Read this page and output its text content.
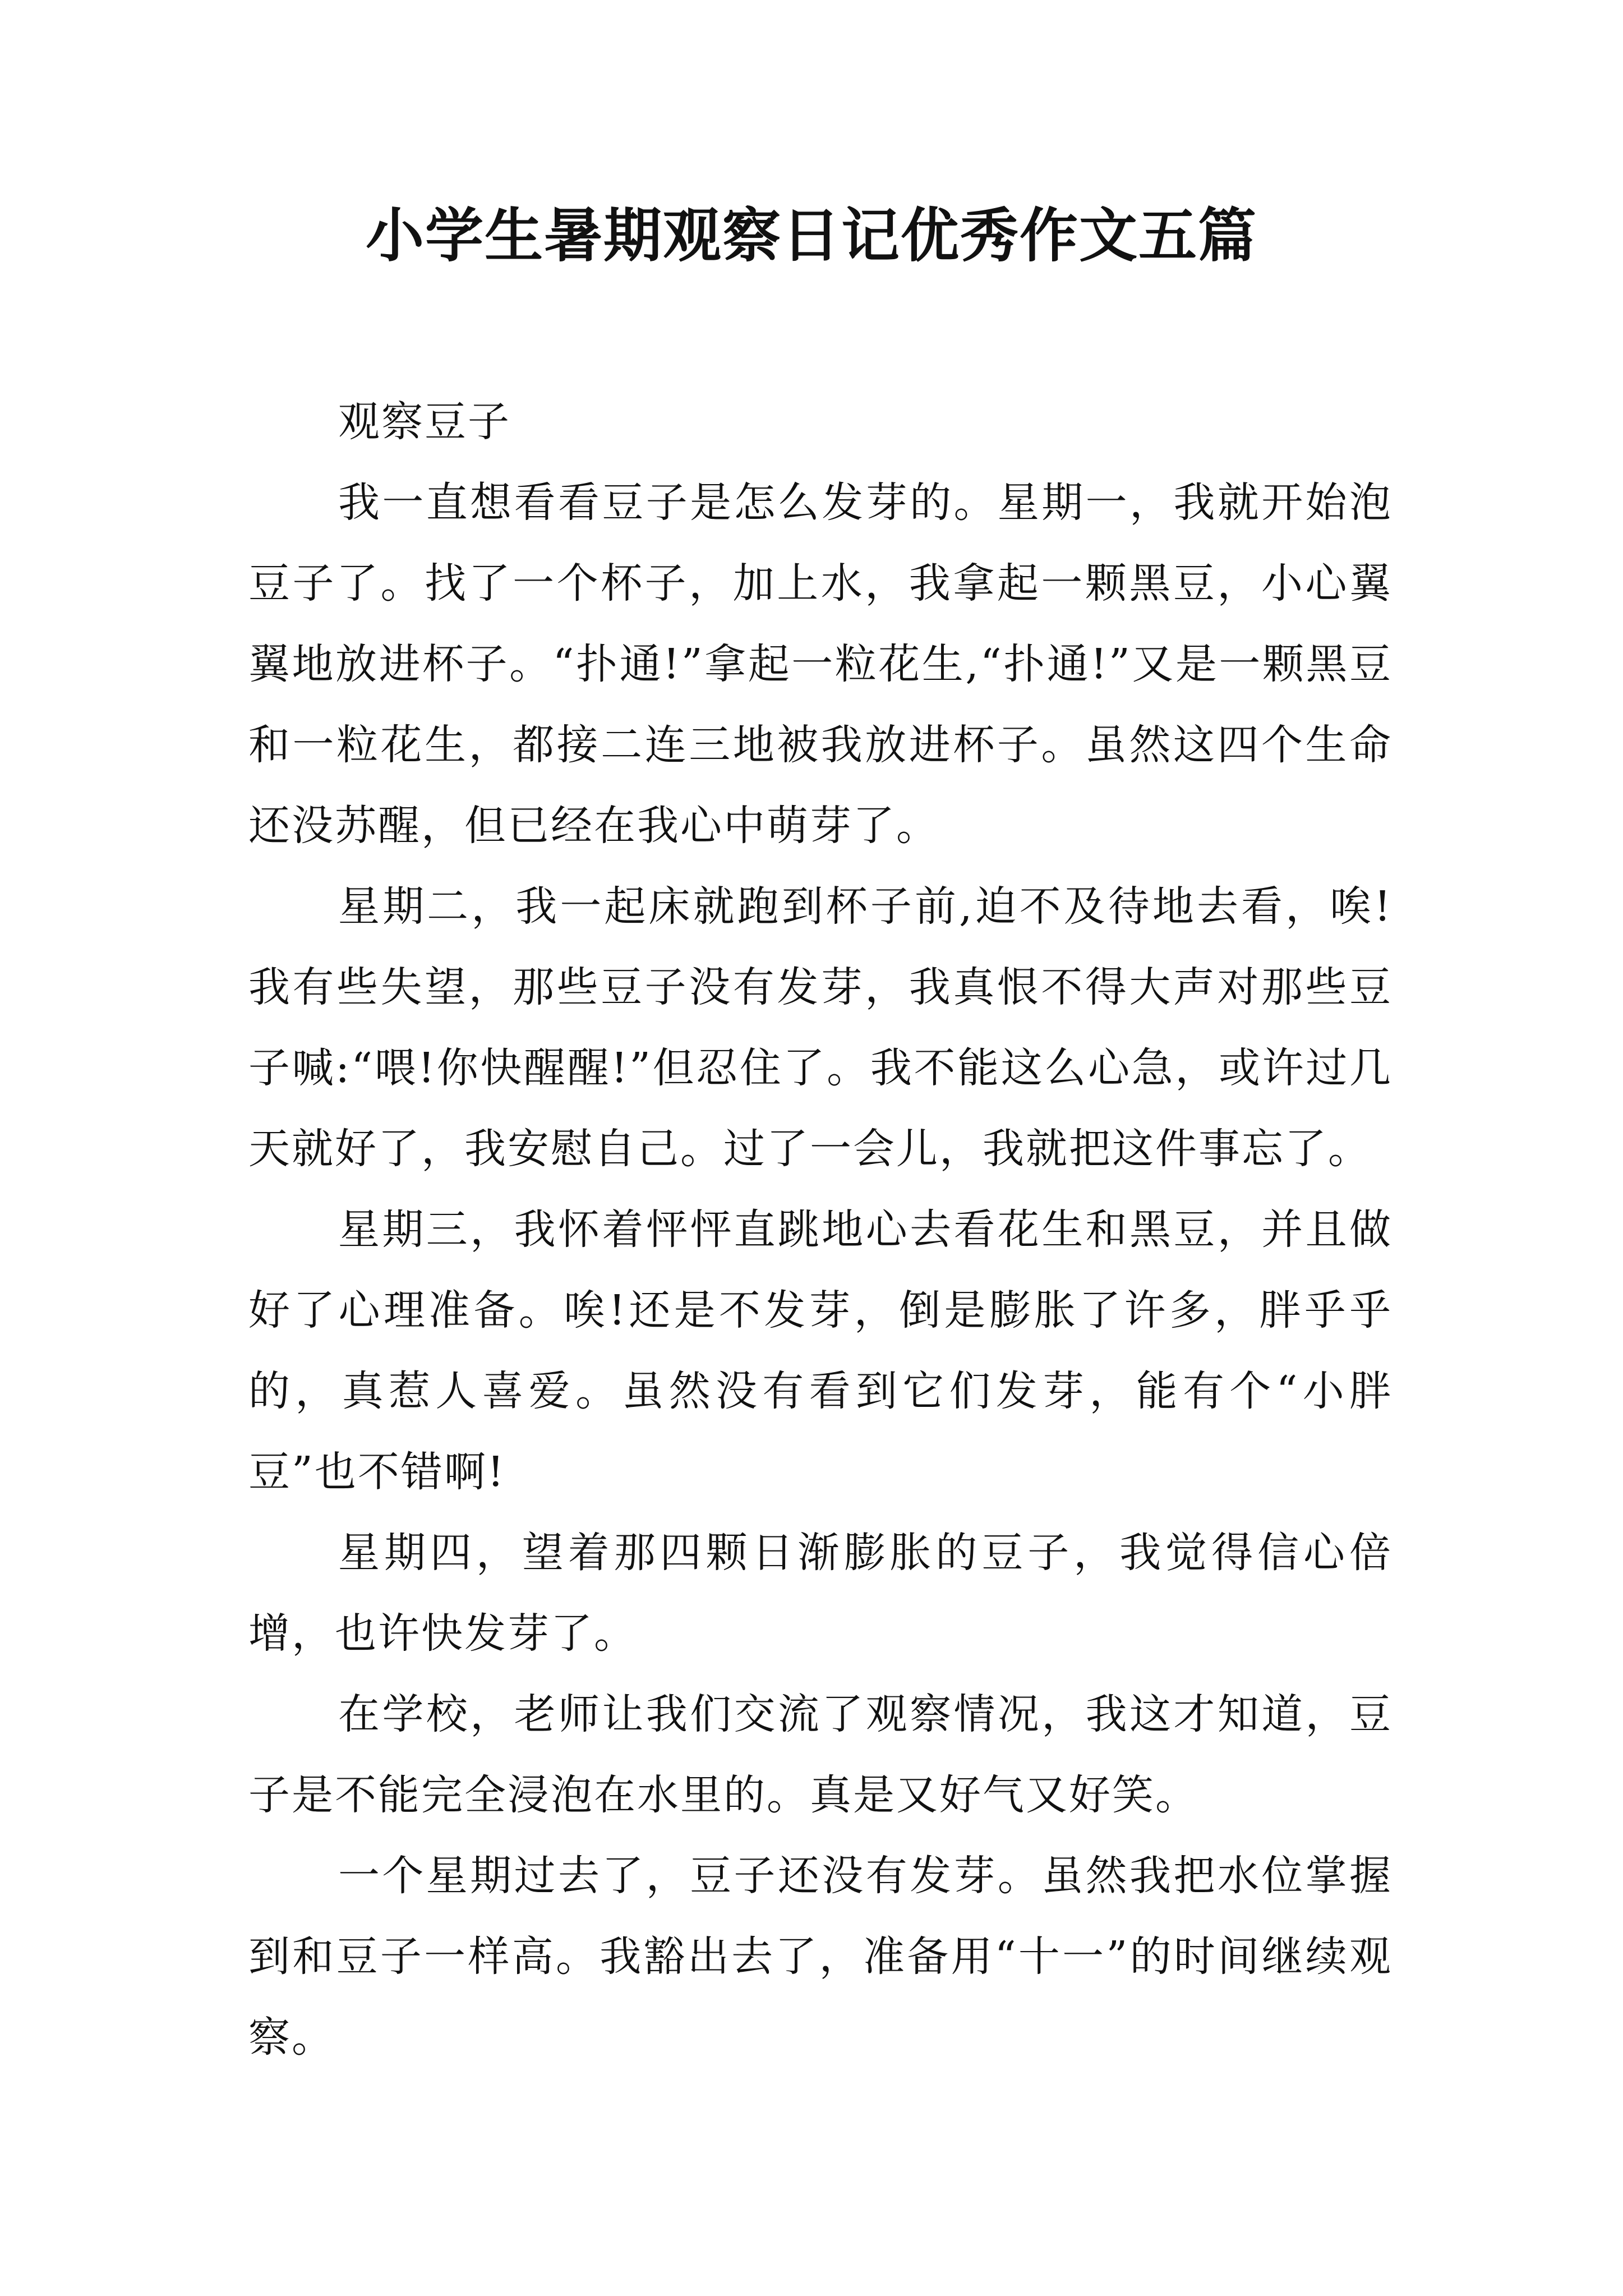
小学生暑期观察日记优秀作文五篇

观察豆子

我一直想看看豆子是怎么发芽的。星期一，我就开始泡豆子了。找了一个杯子，加上水，我拿起一颗黑豆，小心翼翼地放进杯子。“扑通!”拿起一粒花生,“扑通!”又是一颗黑豆和一粒花生，都接二连三地被我放进杯子。虽然这四个生命还没苏醒，但已经在我心中萌芽了。

星期二，我一起床就跑到杯子前,迫不及待地去看，唉!我有些失望，那些豆子没有发芽，我真恨不得大声对那些豆子喊:“喂!你快醒醒!”但忍住了。我不能这么心急，或许过几天就好了，我安慰自己。过了一会儿，我就把这件事忘了。

星期三，我怀着怦怦直跳地心去看花生和黑豆，并且做好了心理准备。唉!还是不发芽，倒是膨胀了许多，胖乎乎的，真惹人喜爱。虽然没有看到它们发芽，能有个“小胖豆”也不错啊!

星期四，望着那四颗日渐膨胀的豆子，我觉得信心倍增，也许快发芽了。

在学校，老师让我们交流了观察情况，我这才知道，豆子是不能完全浸泡在水里的。真是又好气又好笑。

一个星期过去了，豆子还没有发芽。虽然我把水位掌握到和豆子一样高。我豁出去了，准备用“十一”的时间继续观察。
